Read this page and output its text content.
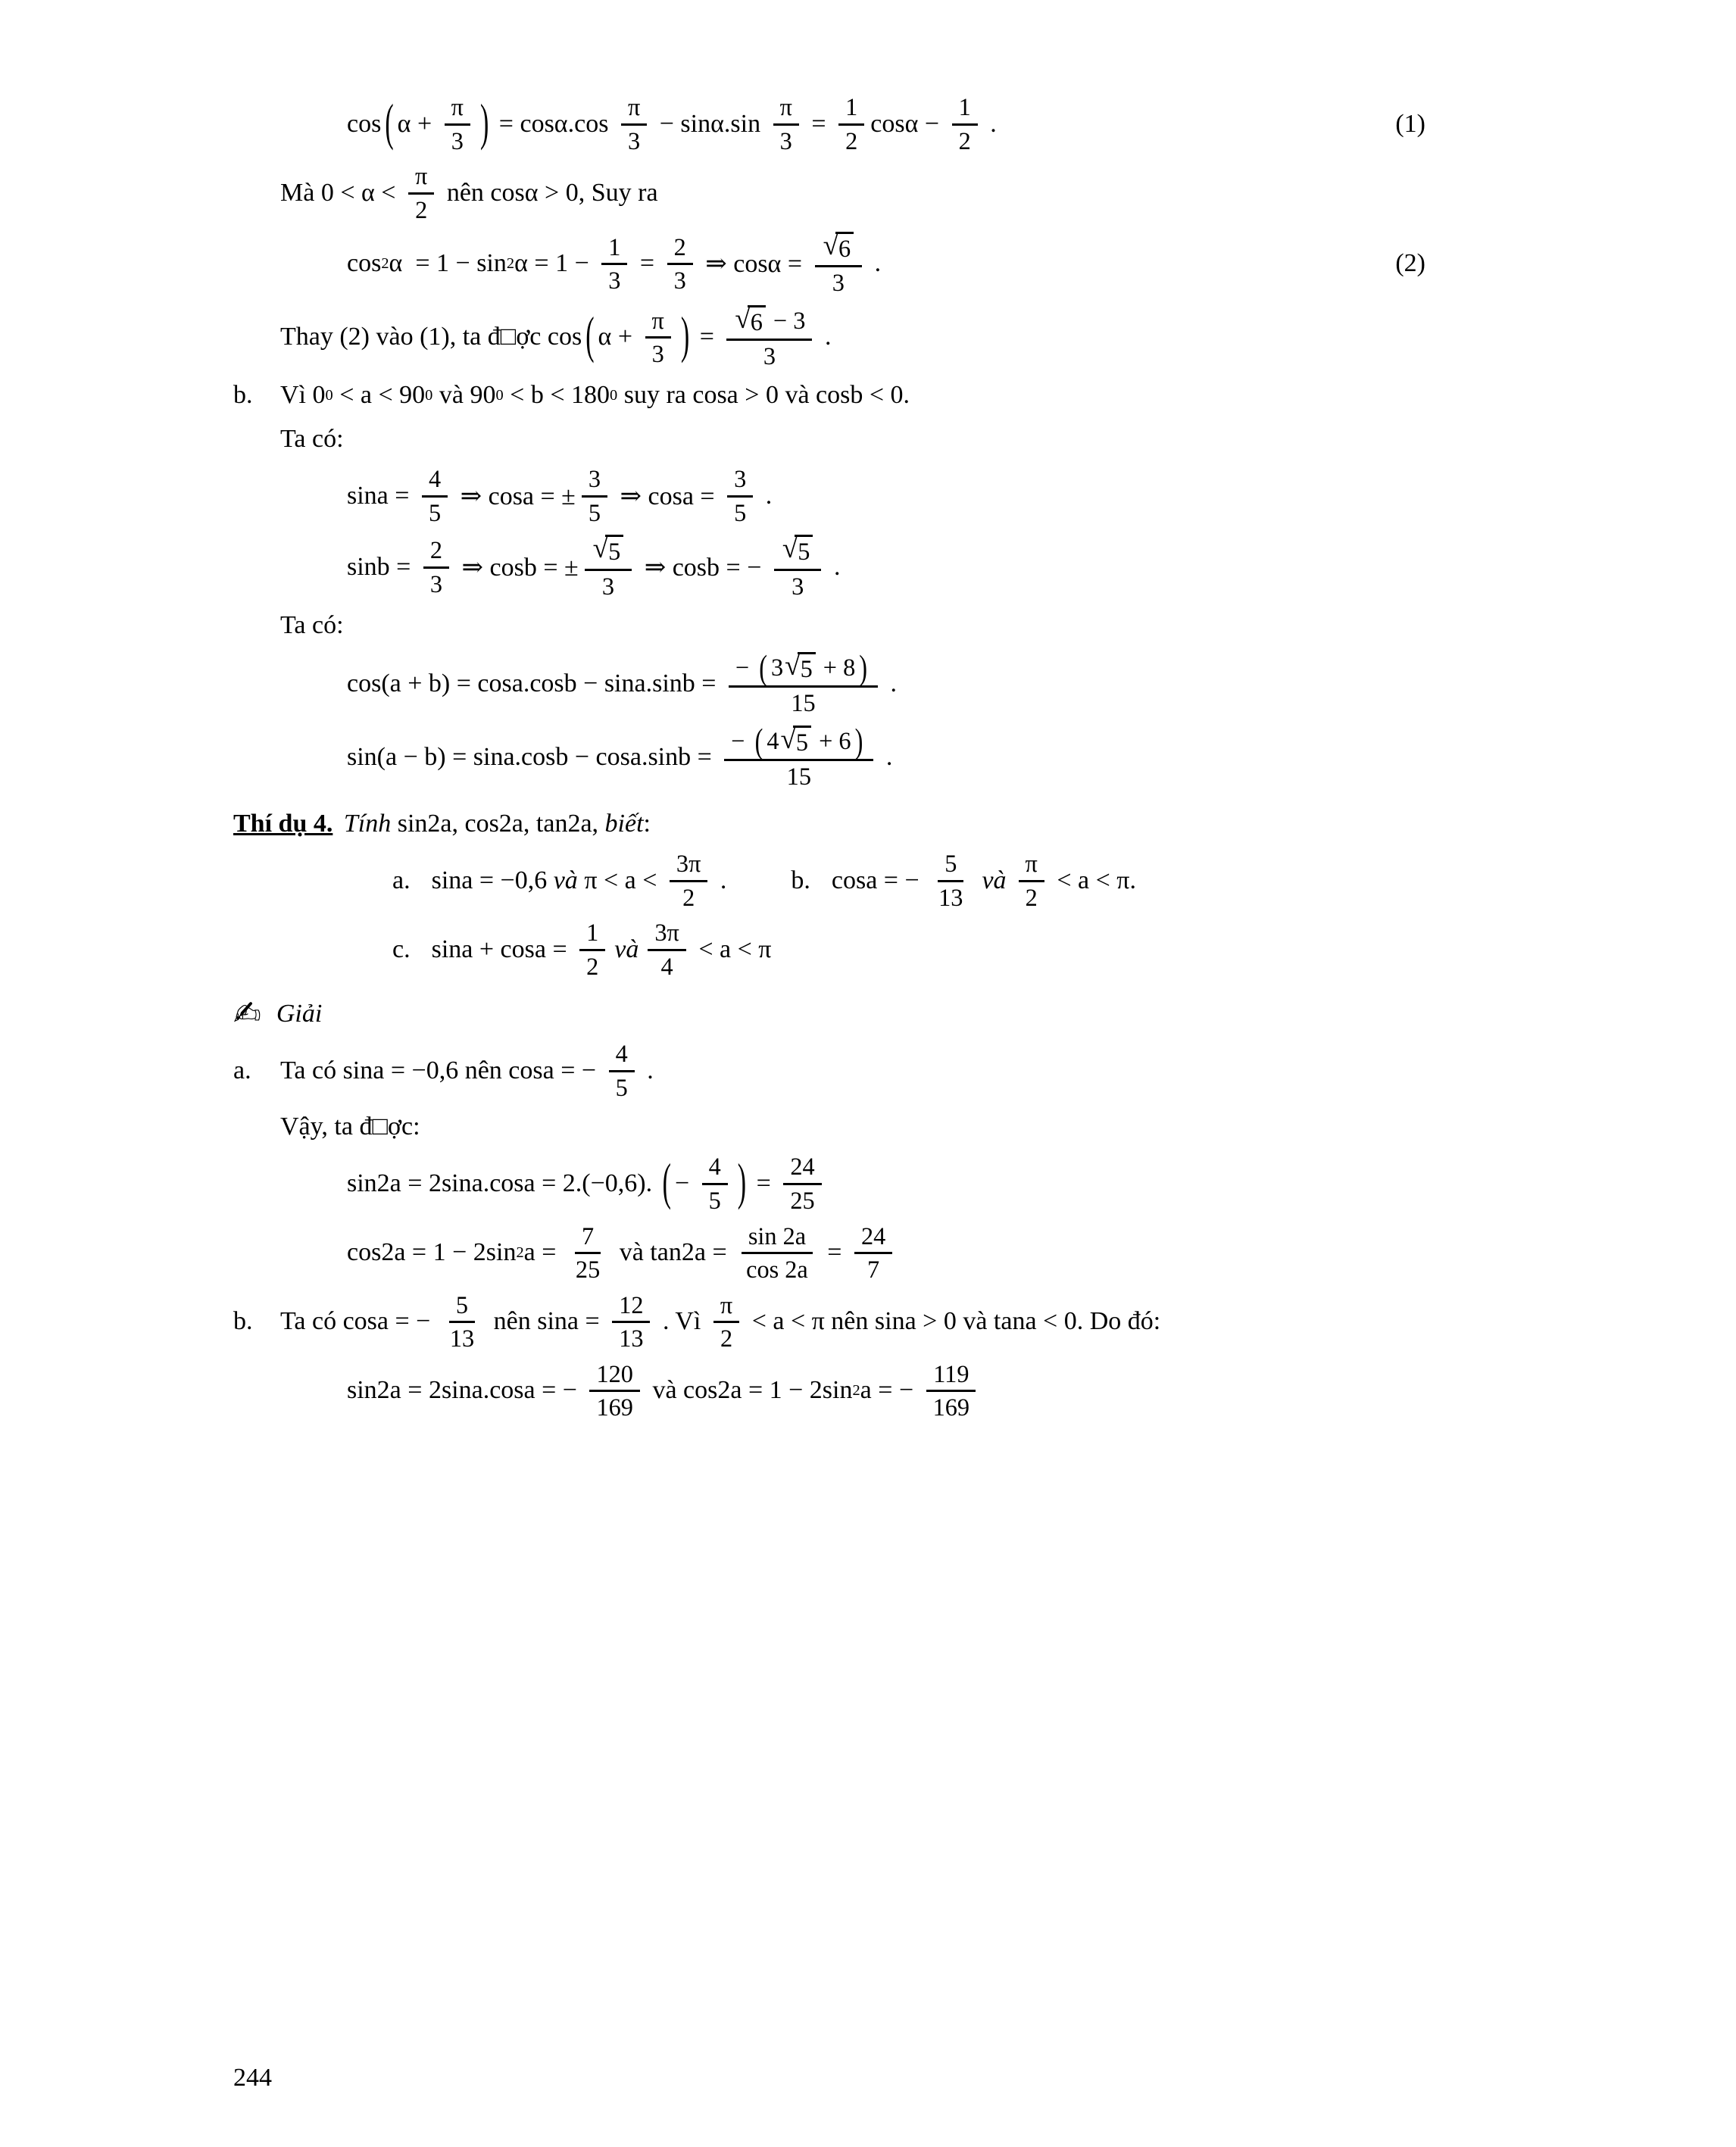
cos ( $\alpha + \frac{\pi}{3}$ ) = $\cos\alpha.\cos \frac{\pi}{3} - \sin\alpha.\sin \frac{\pi}{3} = \frac{1}{2}$ $\cos\alpha - \frac{1}{2}$ .	(1)
Mà $0 < \alpha < \frac{\pi}{2}$ nên cosα > 0, Suy ra
cos 2 α  = 1 − sin 2 $\alpha = 1 - \frac{1}{3} = \frac{2}{3}$ ⇒ $\cos\alpha = \frac{√ 6}{3}$ .	(2)
Thay (2) vào (1), ta đ□ợc cos ( $\alpha + \frac{\pi}{3}$ ) = $\frac{√ 6 - 3}{3}$ .
b.	Vì 0 0 < a < 90 0 và 90 0 < b < 180 0 suy ra cosa > 0 và cosb < 0.
Ta có:
$\sin a = \frac{4}{5}$ ⇒ cosa = ± $\frac{3}{5}$ ⇒ $\cos a = \frac{3}{5}$ .
$\sin b = \frac{2}{3}$ ⇒ cosb = ± $\frac{√ 5}{3}$ ⇒ cosb = − $\frac{√ 5}{3}$ .
Ta có:
$\cos(a + b) = \cos a.\cos b - \sin a.\sin b = \frac{- ( 3 √ 5 + 8 )}{15}$ .
$\sin(a - b) = \sin a.\cos b - \cos a.\sin b = \frac{- ( 4 √ 5 + 6 )}{15}$ .
Thí dụ 4. Tính sin2a, cos2a, tan2a, biết :
a. sina = −0,6 và $\pi < a < \frac{3\pi}{2}$ .	b. cosa = − $\frac{5}{13}$ và $\frac{\pi}{2} < a < \pi$.
c. $\sin a + \cos a = \frac{1}{2}$ và $\frac{3\pi}{4} < a < \pi$
✍ Giải
a.	Ta có sina = −0,6 nên cosa = − $\frac{4}{5}$ .
Vậy, ta đ□ợc:
sin2a = 2sina.cosa = 2.(−0,6). ( − $\frac{4}{5}$ ) = $\frac{24}{25}$
cos2a = 1 − 2sin 2 $a = \frac{7}{25}$ và $\tan 2a = \frac{\sin 2a}{\cos 2a} = \frac{24}{7}$
b.	Ta có cosa = − $\frac{5}{13}$ nên $\sin a = \frac{12}{13}$ . Vì $\frac{\pi}{2} < a < \pi$ nên sina > 0 và tana < 0. Do đó:
sin2a = 2sina.cosa = − $\frac{120}{169}$ và cos2a = 1 − 2sin 2 a = − $\frac{119}{169}$
244
